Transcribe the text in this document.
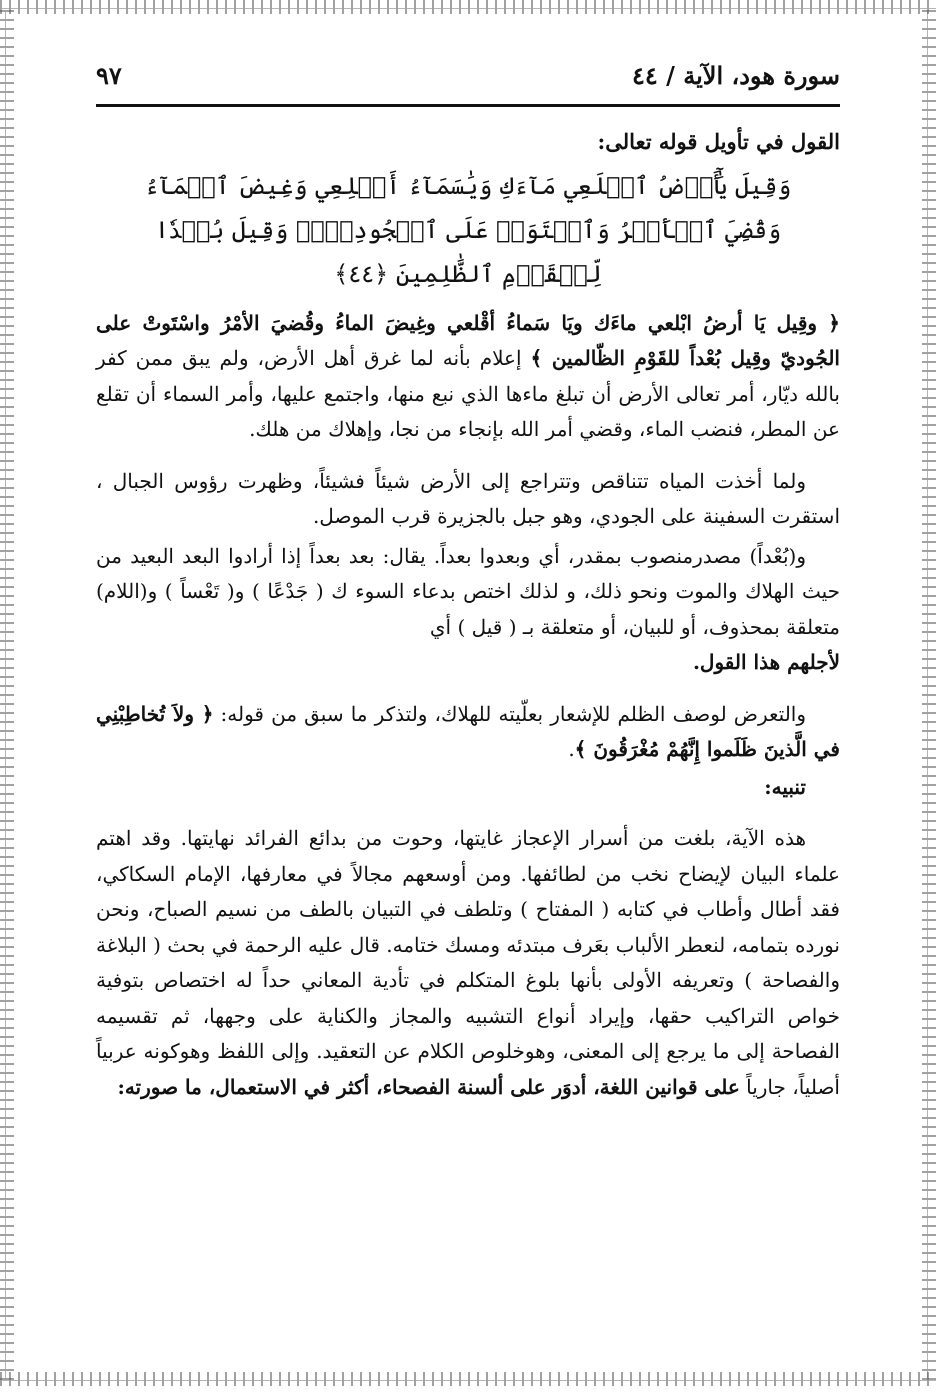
سورة هود، الآية / ٤٤
٩٧

القول في تأويل قوله تعالى:

وَقِيلَ يَٰٓأَرۡضُ ٱبۡلَعِي مَآءَكِ وَيَٰسَمَآءُ أَقۡلِعِي وَغِيضَ ٱلۡمَآءُ وَقُضِيَ ٱلۡأَمۡرُ وَٱسۡتَوَتۡ عَلَى ٱلۡجُودِيِّۖ وَقِيلَ بُعۡدٗا لِّلۡقَوۡمِ ٱلظَّٰلِمِينَ ﴿٤٤﴾

﴿ وقِيل يَا أرضُ ابْلعي ماءَك ويَا سَماءُ أقْلعي وغِيضَ الماءُ وقُضيَ الأمْرُ واسْتَوتْ على الجُوديّ وقِيل بُعْداً للقَوْمِ الظّالمين ﴾ إعلام بأنه لما غرق أهل الأرض، ولم يبق ممن كفر بالله ديّار، أمر تعالى الأرض أن تبلغ ماءها الذي نبع منها، واجتمع عليها، وأمر السماء أن تقلع عن المطر، فنضب الماء، وقضي أمر الله بإنجاء من نجا، وإهلاك من هلك.

ولما أخذت المياه تتناقص وتتراجع إلى الأرض شيئاً فشيئاً، وظهرت رؤوس الجبال ، استقرت السفينة على الجودي، وهو جبل بالجزيرة قرب الموصل.

و(بُعْداً) مصدرمنصوب بمقدر، أي وبعدوا بعداً. يقال: بعد بعداً إذا أرادوا البعد البعيد من حيث الهلاك والموت ونحو ذلك، و لذلك اختص بدعاء السوء ك ( جَدْعًا ) و( تَعْساً ) و(اللام) متعلقة بمحذوف، أو للبيان، أو متعلقة بـ ( قيل ) أي
لأجلهم هذا القول.

والتعرض لوصف الظلم للإشعار بعلّيته للهلاك، ولتذكر ما سبق من قوله: ﴿ ولاَ تُخاطِبْنِي في الَّذينَ ظَلَموا إِنَّهُمْ مُغْرَقُونَ ﴾.

تنبيه:

هذه الآية، بلغت من أسرار الإعجاز غايتها، وحوت من بدائع الفرائد نهايتها. وقد اهتم علماء البيان لإيضاح نخب من لطائفها. ومن أوسعهم مجالاً في معارفها، الإمام السكاكي، فقد أطال وأطاب في كتابه ( المفتاح ) وتلطف في التبيان بالطف من نسيم الصباح، ونحن نورده بتمامه، لنعطر الألباب بعَرف مبتدئه ومسك ختامه. قال عليه الرحمة في بحث ( البلاغة والفصاحة ) وتعريفه الأولى بأنها بلوغ المتكلم في تأدية المعاني حداً له اختصاص بتوفية خواص التراكيب حقها، وإيراد أنواع التشبيه والمجاز والكناية على وجهها، ثم تقسيمه الفصاحة إلى ما يرجع إلى المعنى، وهوخلوص الكلام عن التعقيد. وإلى اللفظ وهوكونه عربياً أصلياً، جارياً على قوانين اللغة، أدوَر على ألسنة الفصحاء، أكثر في الاستعمال، ما صورته:
